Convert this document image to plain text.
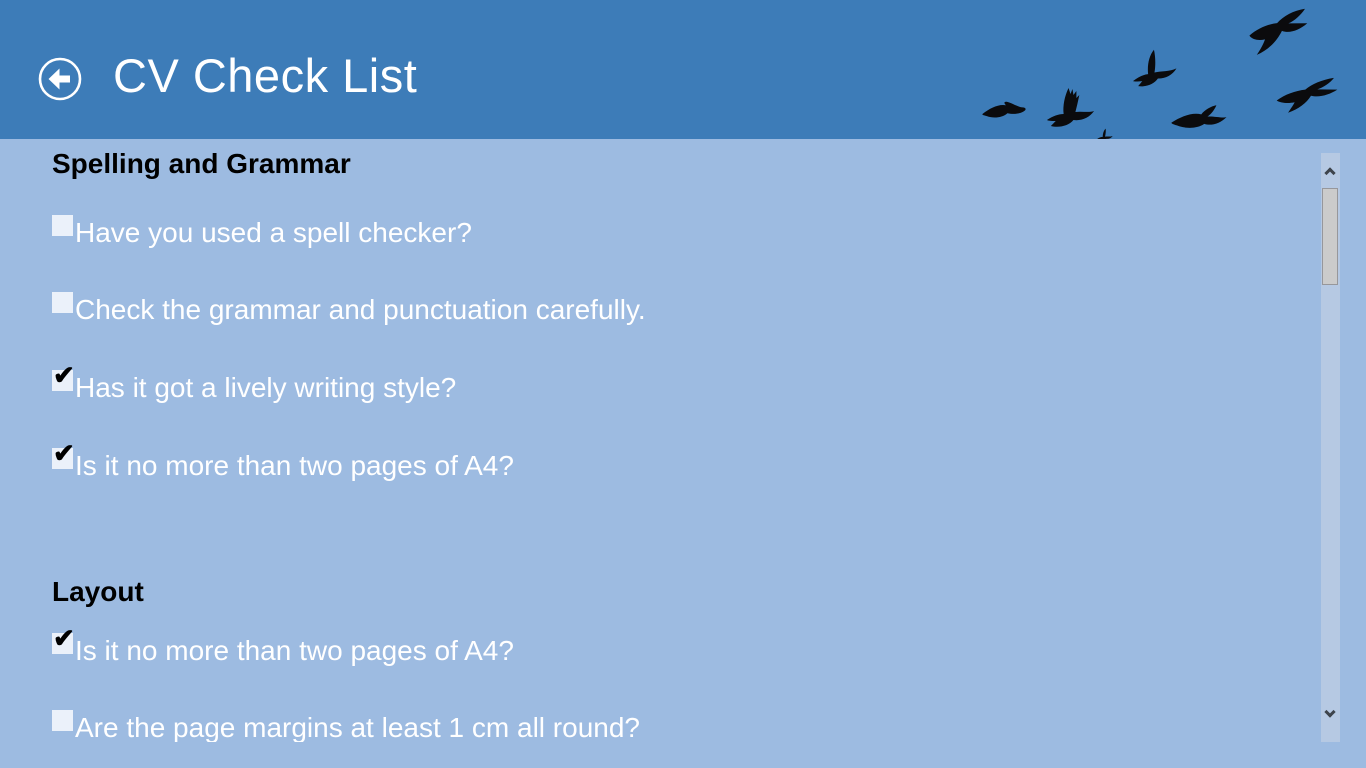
CV Check List
Spelling and Grammar
Have you used a spell checker?
Check the grammar and punctuation carefully.
✔
Has it got a lively writing style?
✔
Is it no more than two pages of A4?
Layout
✔
Is it no more than two pages of A4?
Are the page margins at least 1 cm all round?
